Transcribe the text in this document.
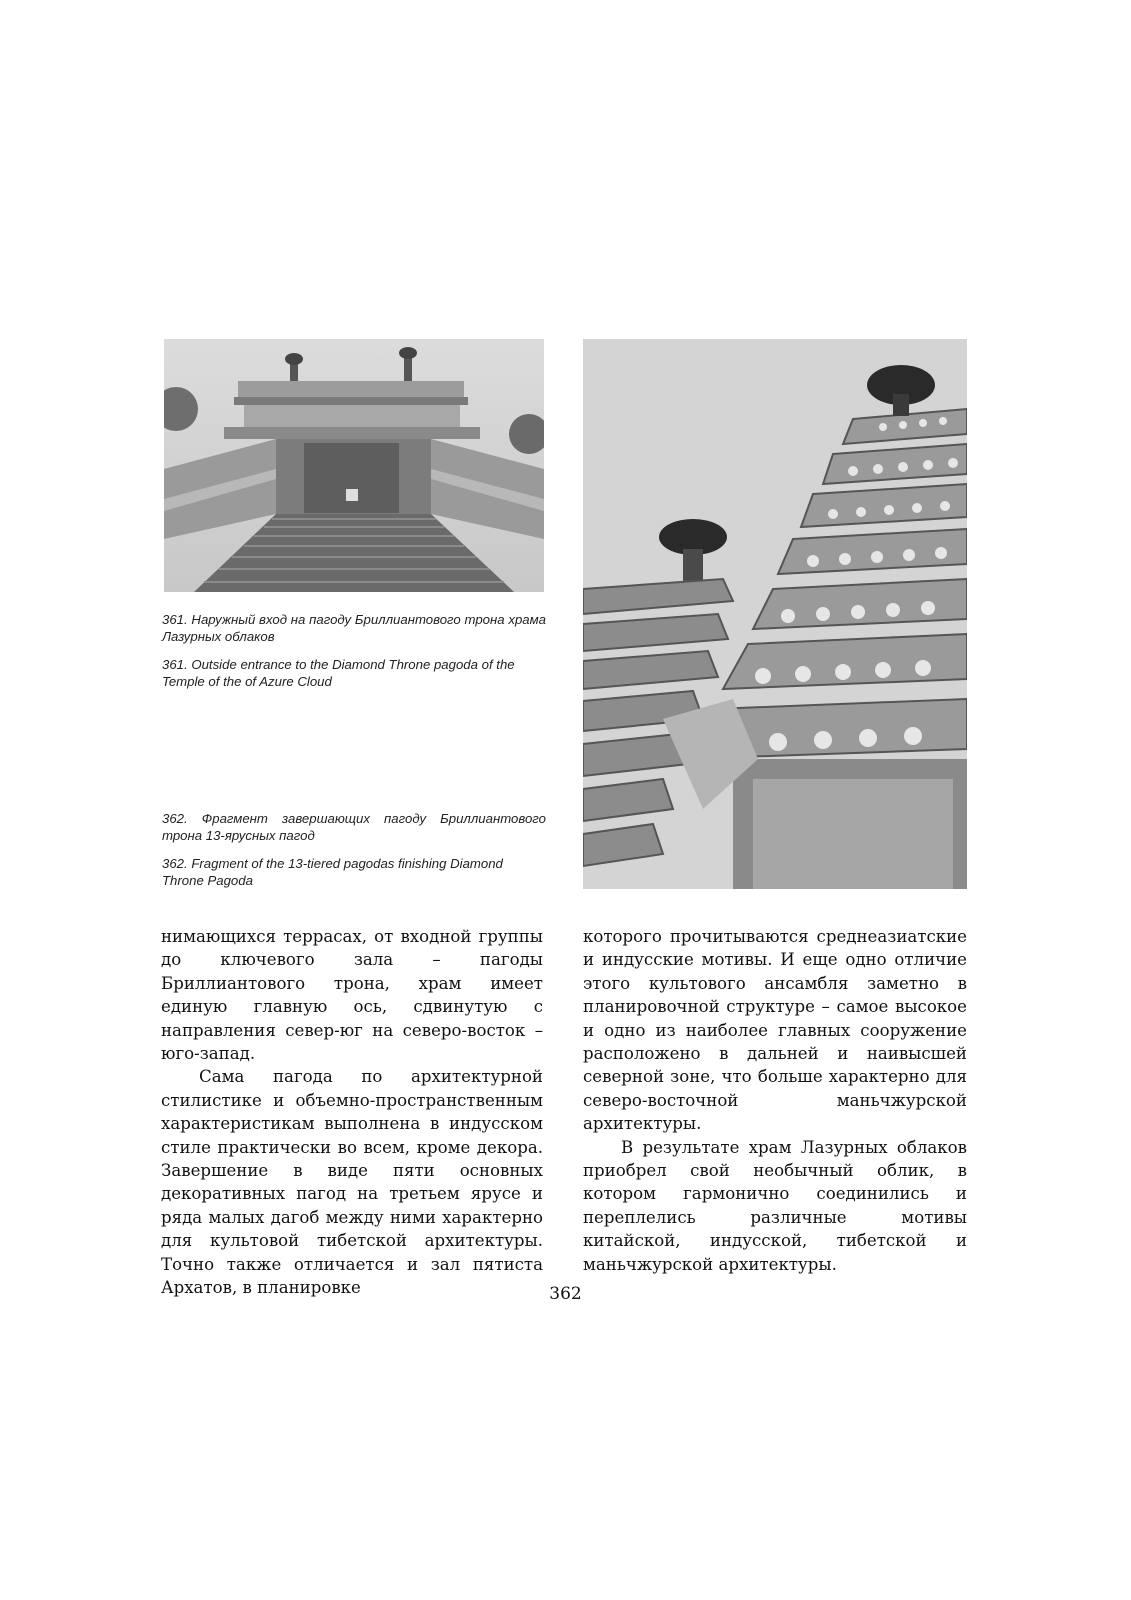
361. Наружный вход на пагоду Бриллиантового трона храма Лазурных облаков
361. Outside entrance to the Diamond Throne pagoda of the Temple of the of Azure Cloud
362. Фрагмент завершающих пагоду Бриллиантового трона 13-ярусных пагод
362. Fragment of the 13-tiered pagodas finishing Diamond Throne Pagoda

нимающихся террасах, от входной группы до ключевого зала – пагоды Бриллиантового трона, храм имеет единую главную ось, сдвинутую с направления север-юг на северо-восток – юго-запад.

Сама пагода по архитектурной стилистике и объемно-пространственным характеристикам выполнена в индусском стиле практически во всем, кроме декора. Завершение в виде пяти основных декоративных пагод на третьем ярусе и ряда малых дагоб между ними характерно для культовой тибетской архитектуры. Точно также отличается и зал пятиста Архатов, в планировке

которого прочитываются среднеазиатские и индусские мотивы. И еще одно отличие этого культового ансамбля заметно в планировочной структуре – самое высокое и одно из наиболее главных сооружение расположено в дальней и наивысшей северной зоне, что больше характерно для северо-восточной маньчжурской архитектуры.

В результате храм Лазурных облаков приобрел свой необычный облик, в котором гармонично соединились и переплелись различные мотивы китайской, индусской, тибетской и маньчжурской архитектуры.

362
